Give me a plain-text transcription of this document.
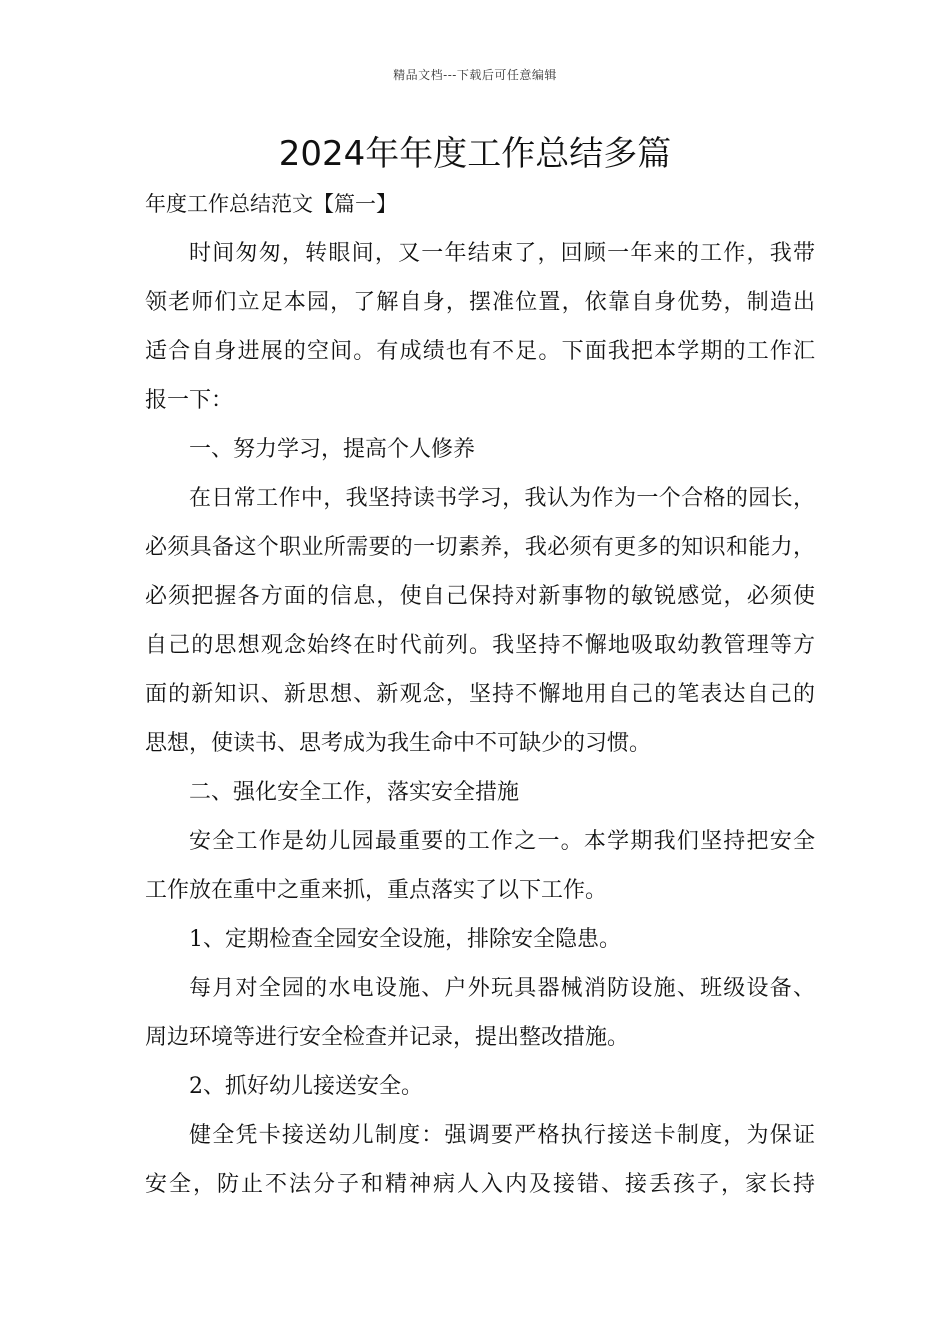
精品文档---下载后可任意编辑
2024年年度工作总结多篇
年度工作总结范文【篇一】
时间匆匆，转眼间，又一年结束了，回顾一年来的工作，我带
领老师们立足本园，了解自身，摆准位置，依靠自身优势，制造出
适合自身进展的空间。有成绩也有不足。下面我把本学期的工作汇
报一下：
一、努力学习，提高个人修养
在日常工作中，我坚持读书学习，我认为作为一个合格的园长，
必须具备这个职业所需要的一切素养，我必须有更多的知识和能力，
必须把握各方面的信息，使自己保持对新事物的敏锐感觉，必须使
自己的思想观念始终在时代前列。我坚持不懈地吸取幼教管理等方
面的新知识、新思想、新观念，坚持不懈地用自己的笔表达自己的
思想，使读书、思考成为我生命中不可缺少的习惯。
二、强化安全工作，落实安全措施
安全工作是幼儿园最重要的工作之一。本学期我们坚持把安全
工作放在重中之重来抓，重点落实了以下工作。
1、定期检查全园安全设施，排除安全隐患。
每月对全园的水电设施、户外玩具器械消防设施、班级设备、
周边环境等进行安全检查并记录，提出整改措施。
2、抓好幼儿接送安全。
健全凭卡接送幼儿制度：强调要严格执行接送卡制度，为保证
安全，防止不法分子和精神病人入内及接错、接丢孩子，家长持
